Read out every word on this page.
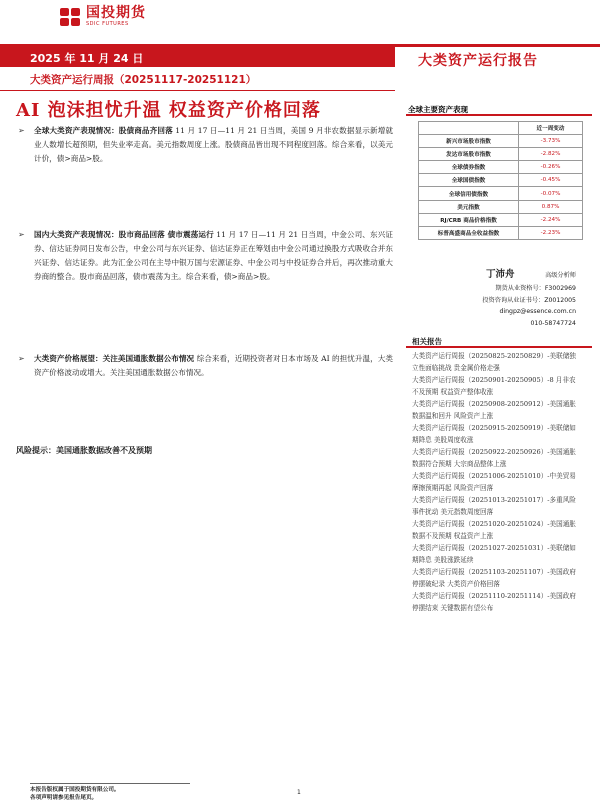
国投期货
SDIC FUTURES
2025 年 11 月 24 日
大类资产运行周报（20251117-20251121）
大类资产运行报告
AI 泡沫担忧升温 权益资产价格回落
➢ 全球大类资产表现情况：股债商品齐回落 11 月 17 日—11 月 21 日当周，美国 9 月非农数据显示新增就业人数增长超预期，但失业率走高。美元指数周度上涨。股债商品皆出现不同程度回落。综合来看，以美元计价，债>商品>股。

➢ 国内大类资产表现情况：股市商品回落 债市震荡运行 11 月 17 日—11 月 21 日当周，中金公司、东兴证券、信达证券同日发布公告，中金公司与东兴证券、信达证券正在筹划由中金公司通过换股方式吸收合并东兴证券、信达证券。此为汇金公司在主导中银万国与宏源证券、中金公司与中投证券合并后，再次推动重大券商的整合。股市商品回落，债市震荡为主。综合来看，债>商品>股。

➢ 大类资产价格展望：关注美国通胀数据公布情况 综合来看，近期投资者对日本市场及 AI 的担忧升温，大类资产价格波动或增大。关注美国通胀数据公布情况。

风险提示：美国通胀数据改善不及预期
全球主要资产表现
	近一周变动
新兴市场股市指数	-3.73%
发达市场股市指数	-2.82%
全球债券指数	-0.26%
全球国债指数	-0.45%
全球信用债指数	-0.07%
美元指数	0.87%
RJ/CRB 商品价格指数	-2.24%
标普高盛商品全收益指数	-2.23%
丁沛舟	高级分析师
期货从业资格号：F3002969
投资咨询从业证书号：Z0012005
dingpz@essence.com.cn
010-58747724
相关报告
大类资产运行周报（20250825-20250829）-美联储独立性面临挑战 贵金属价格走强
大类资产运行周报（20250901-20250905）-8 月非农不及预期 权益资产整体收涨
大类资产运行周报（20250908-20250912）-美国通胀数据温和回升 风险资产上涨
大类资产运行周报（20250915-20250919）-美联储如期降息 美股周度收涨
大类资产运行周报（20250922-20250926）-美国通胀数据符合预期 大宗商品整体上涨
大类资产运行周报（20251006-20251010）-中美贸易摩擦预期再起 风险资产回落
大类资产运行周报（20251013-20251017）-多重风险事件扰动 美元指数周度回落
大类资产运行周报（20251020-20251024）-美国通胀数据不及预期 权益资产上涨
大类资产运行周报（20251027-20251031）-美联储如期降息 美股涨跌延续
大类资产运行周报（20251103-20251107）-美国政府停摆破纪录 大类资产价格回落
大类资产运行周报（20251110-20251114）-美国政府停摆结束 关键数据有望公布
本报告版权属于国投期货有限公司。
各项声明请参见报告尾页。
1
